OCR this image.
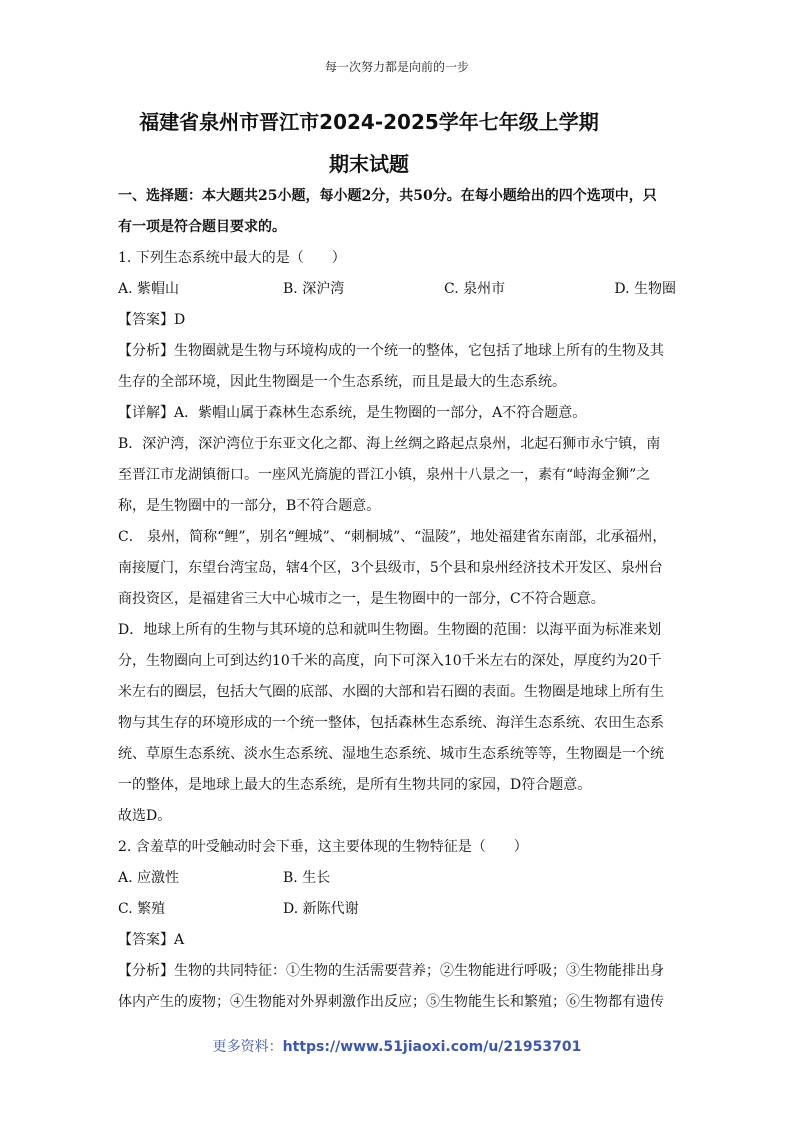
每一次努力都是向前的一步
福建省泉州市晋江市2024-2025学年七年级上学期
期末试题
一、选择题：本大题共25小题，每小题2分，共50分。在每小题给出的四个选项中，只
有一项是符合题目要求的。
1. 下列生态系统中最大的是（　　）
A. 紫帽山	B. 深沪湾	C. 泉州市	D. 生物圈
【答案】D
【分析】生物圈就是生物与环境构成的一个统一的整体，它包括了地球上所有的生物及其
生存的全部环境，因此生物圈是一个生态系统，而且是最大的生态系统。
【详解】A．紫帽山属于森林生态系统，是生物圈的一部分，A不符合题意。
B．深沪湾，深沪湾位于东亚文化之都、海上丝绸之路起点泉州，北起石狮市永宁镇，南
至晋江市龙湖镇衙口。一座风光旖旎的晋江小镇，泉州十八景之一，素有“峙海金狮”之
称，是生物圈中的一部分，B不符合题意。
C． 泉州，简称“鲤”，别名“鲤城”、“刺桐城”、“温陵”，地处福建省东南部，北承福州，
南接厦门，东望台湾宝岛，辖4个区，3个县级市，5个县和泉州经济技术开发区、泉州台
商投资区，是福建省三大中心城市之一，是生物圈中的一部分，C不符合题意。
D．地球上所有的生物与其环境的总和就叫生物圈。生物圈的范围：以海平面为标准来划
分，生物圈向上可到达约10千米的高度，向下可深入10千米左右的深处，厚度约为20千
米左右的圈层，包括大气圈的底部、水圈的大部和岩石圈的表面。生物圈是地球上所有生
物与其生存的环境形成的一个统一整体，包括森林生态系统、海洋生态系统、农田生态系
统、草原生态系统、淡水生态系统、湿地生态系统、城市生态系统等等，生物圈是一个统
一的整体，是地球上最大的生态系统，是所有生物共同的家园，D符合题意。
故选D。
2. 含羞草的叶受触动时会下垂，这主要体现的生物特征是（　　）
A. 应激性	B. 生长
C. 繁殖	D. 新陈代谢
【答案】A
【分析】生物的共同特征：①生物的生活需要营养；②生物能进行呼吸；③生物能排出身
体内产生的废物；④生物能对外界刺激作出反应；⑤生物能生长和繁殖；⑥生物都有遗传
更多资料：https://www.51jiaoxi.com/u/21953701
